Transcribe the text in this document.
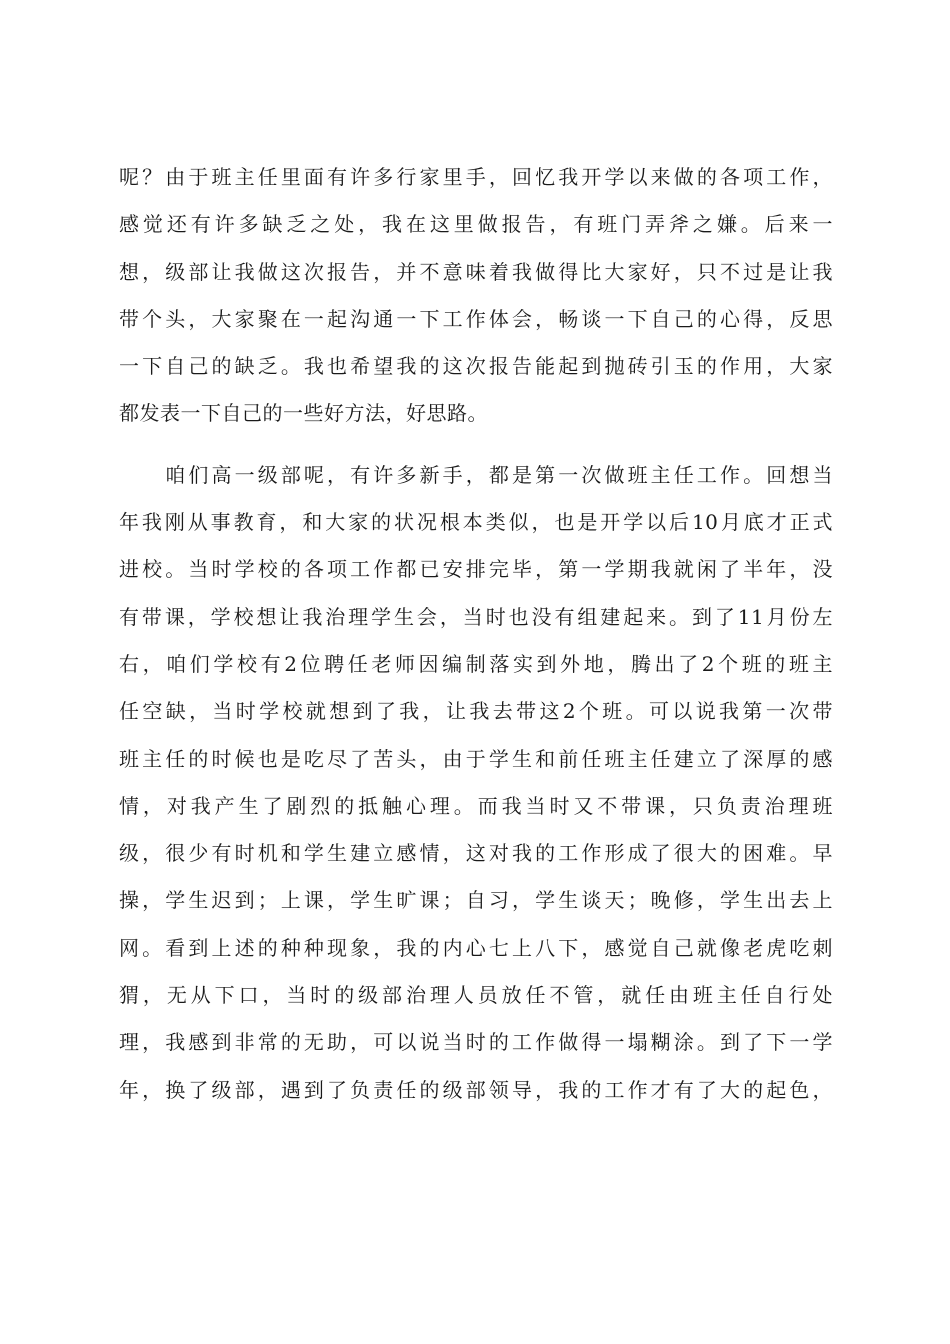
呢？由于班主任里面有许多行家里手，回忆我开学以来做的各项工作，
感觉还有许多缺乏之处，我在这里做报告，有班门弄斧之嫌。后来一
想，级部让我做这次报告，并不意味着我做得比大家好，只不过是让我
带个头，大家聚在一起沟通一下工作体会，畅谈一下自己的心得，反思
一下自己的缺乏。我也希望我的这次报告能起到抛砖引玉的作用，大家
都发表一下自己的一些好方法，好思路。
　　咱们高一级部呢，有许多新手，都是第一次做班主任工作。回想当
年我刚从事教育，和大家的状况根本类似，也是开学以后10月底才正式
进校。当时学校的各项工作都已安排完毕，第一学期我就闲了半年，没
有带课，学校想让我治理学生会，当时也没有组建起来。到了11月份左
右，咱们学校有2位聘任老师因编制落实到外地，腾出了2个班的班主
任空缺，当时学校就想到了我，让我去带这2个班。可以说我第一次带
班主任的时候也是吃尽了苦头，由于学生和前任班主任建立了深厚的感
情，对我产生了剧烈的抵触心理。而我当时又不带课，只负责治理班
级，很少有时机和学生建立感情，这对我的工作形成了很大的困难。早
操，学生迟到；上课，学生旷课；自习，学生谈天；晚修，学生出去上
网。看到上述的种种现象，我的内心七上八下，感觉自己就像老虎吃刺
猬，无从下口，当时的级部治理人员放任不管，就任由班主任自行处
理，我感到非常的无助，可以说当时的工作做得一塌糊涂。到了下一学
年，换了级部，遇到了负责任的级部领导，我的工作才有了大的起色，
